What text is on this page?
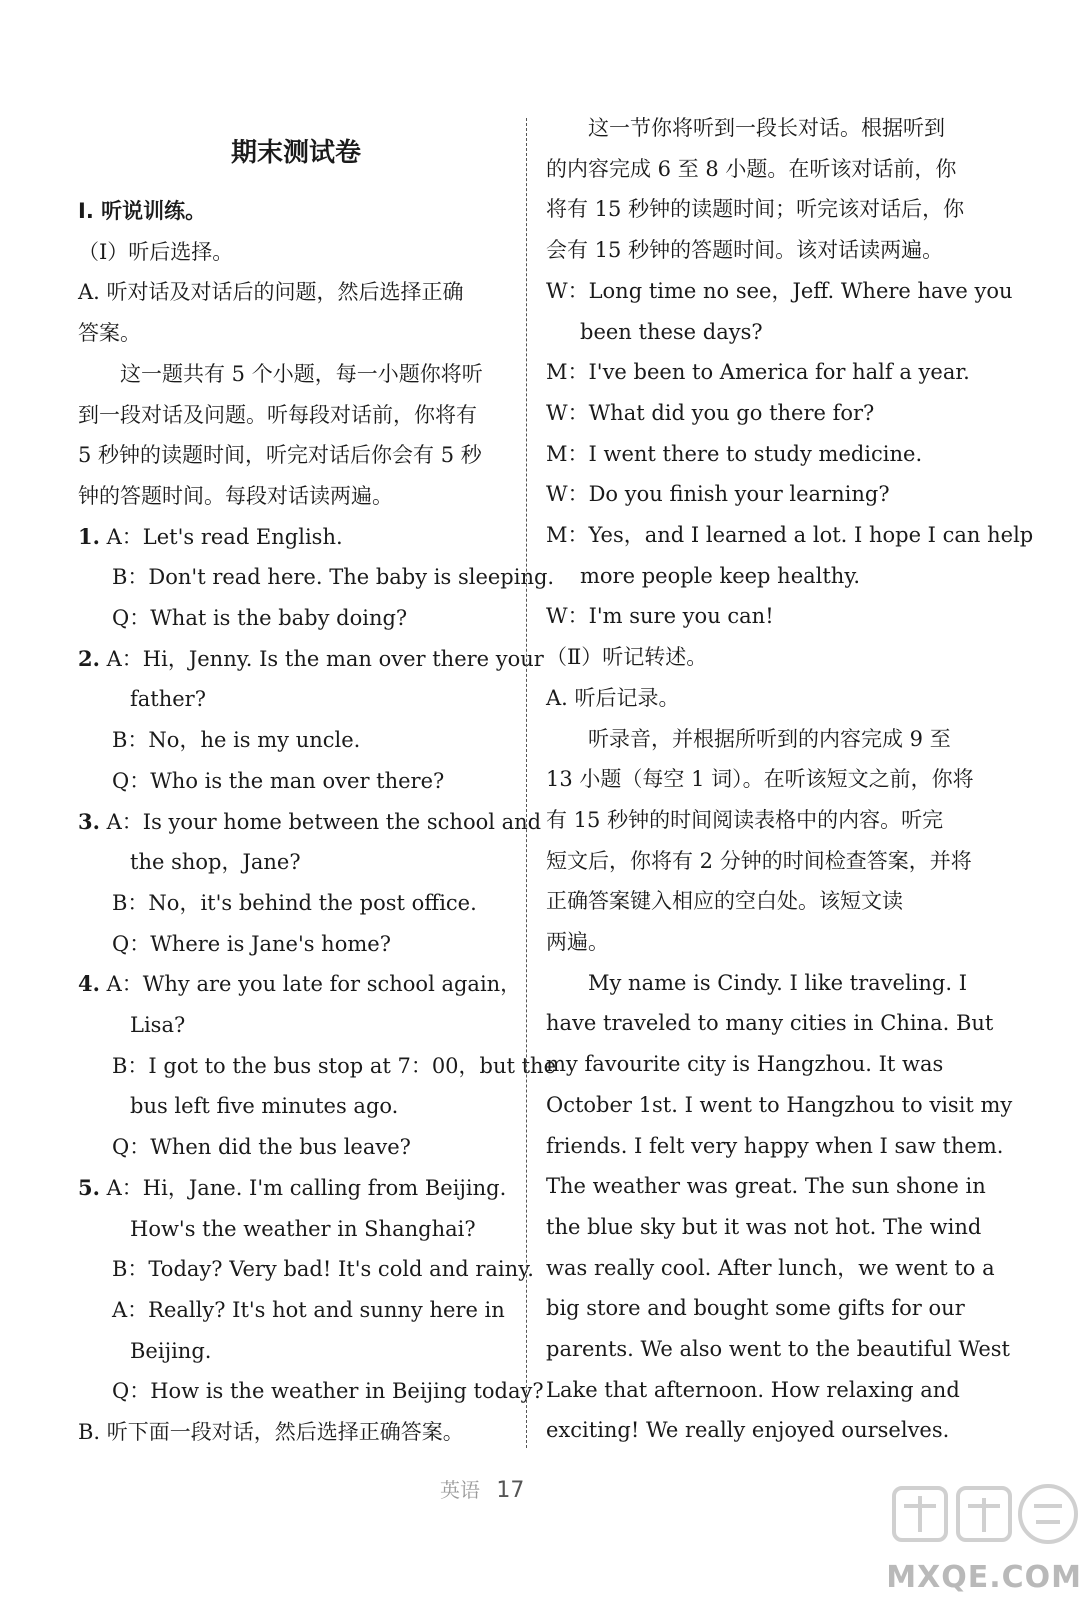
期末测试卷
Ⅰ. 听说训练。
（Ⅰ）听后选择。
A. 听对话及对话后的问题，然后选择正确
答案。
这一题共有 5 个小题，每一小题你将听
到一段对话及问题。听每段对话前，你将有
5 秒钟的读题时间，听完对话后你会有 5 秒
钟的答题时间。每段对话读两遍。
1. A：Let's read English.
B：Don't read here. The baby is sleeping.
Q：What is the baby doing?
2. A：Hi，Jenny. Is the man over there your
father?
B：No，he is my uncle.
Q：Who is the man over there?
3. A：Is your home between the school and
the shop，Jane?
B：No，it's behind the post office.
Q：Where is Jane's home?
4. A：Why are you late for school again，
Lisa?
B：I got to the bus stop at 7：00，but the
bus left five minutes ago.
Q：When did the bus leave?
5. A：Hi，Jane. I'm calling from Beijing.
How's the weather in Shanghai?
B：Today? Very bad! It's cold and rainy.
A：Really? It's hot and sunny here in
Beijing.
Q：How is the weather in Beijing today?
B. 听下面一段对话，然后选择正确答案。
这一节你将听到一段长对话。根据听到
的内容完成 6 至 8 小题。在听该对话前，你
将有 15 秒钟的读题时间；听完该对话后，你
会有 15 秒钟的答题时间。该对话读两遍。
W：Long time no see，Jeff. Where have you
been these days?
M：I've been to America for half a year.
W：What did you go there for?
M：I went there to study medicine.
W：Do you finish your learning?
M：Yes，and I learned a lot. I hope I can help
more people keep healthy.
W：I'm sure you can!
（Ⅱ）听记转述。
A. 听后记录。
听录音，并根据所听到的内容完成 9 至
13 小题（每空 1 词）。在听该短文之前，你将
有 15 秒钟的时间阅读表格中的内容。听完
短文后，你将有 2 分钟的时间检查答案，并将
正确答案键入相应的空白处。该短文读
两遍。
My name is Cindy. I like traveling. I
have traveled to many cities in China. But
my favourite city is Hangzhou. It was
October 1st. I went to Hangzhou to visit my
friends. I felt very happy when I saw them.
The weather was great. The sun shone in
the blue sky but it was not hot. The wind
was really cool. After lunch，we went to a
big store and bought some gifts for our
parents. We also went to the beautiful West
Lake that afternoon. How relaxing and
exciting! We really enjoyed ourselves.
英语 17
MXQE.COM
